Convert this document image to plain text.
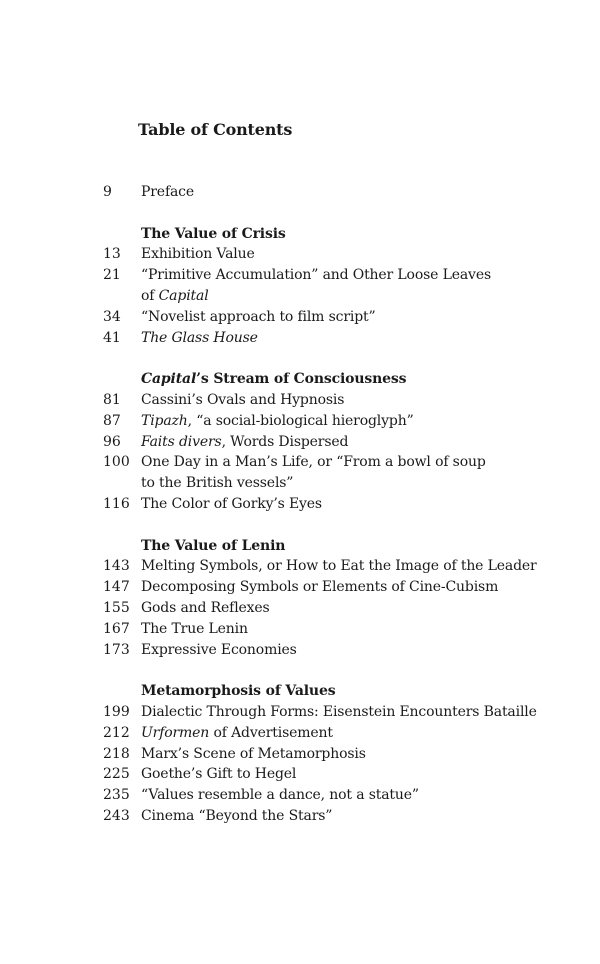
Table of Contents
9 Preface
The Value of Crisis
13 Exhibition Value
21 “Primitive Accumulation” and Other Loose Leaves
of Capital
34 “Novelist approach to film script”
41 The Glass House
Capital’s Stream of Consciousness
81 Cassini’s Ovals and Hypnosis
87 Tipazh, “a social-biological hieroglyph”
96 Faits divers, Words Dispersed
100 One Day in a Man’s Life, or “From a bowl of soup
to the British vessels”
116 The Color of Gorky’s Eyes
The Value of Lenin
143 Melting Symbols, or How to Eat the Image of the Leader
147 Decomposing Symbols or Elements of Cine-Cubism
155 Gods and Reflexes
167 The True Lenin
173 Expressive Economies
Metamorphosis of Values
199 Dialectic Through Forms: Eisenstein Encounters Bataille
212 Urformen of Advertisement
218 Marx’s Scene of Metamorphosis
225 Goethe’s Gift to Hegel
235 “Values resemble a dance, not a statue”
243 Cinema “Beyond the Stars”
